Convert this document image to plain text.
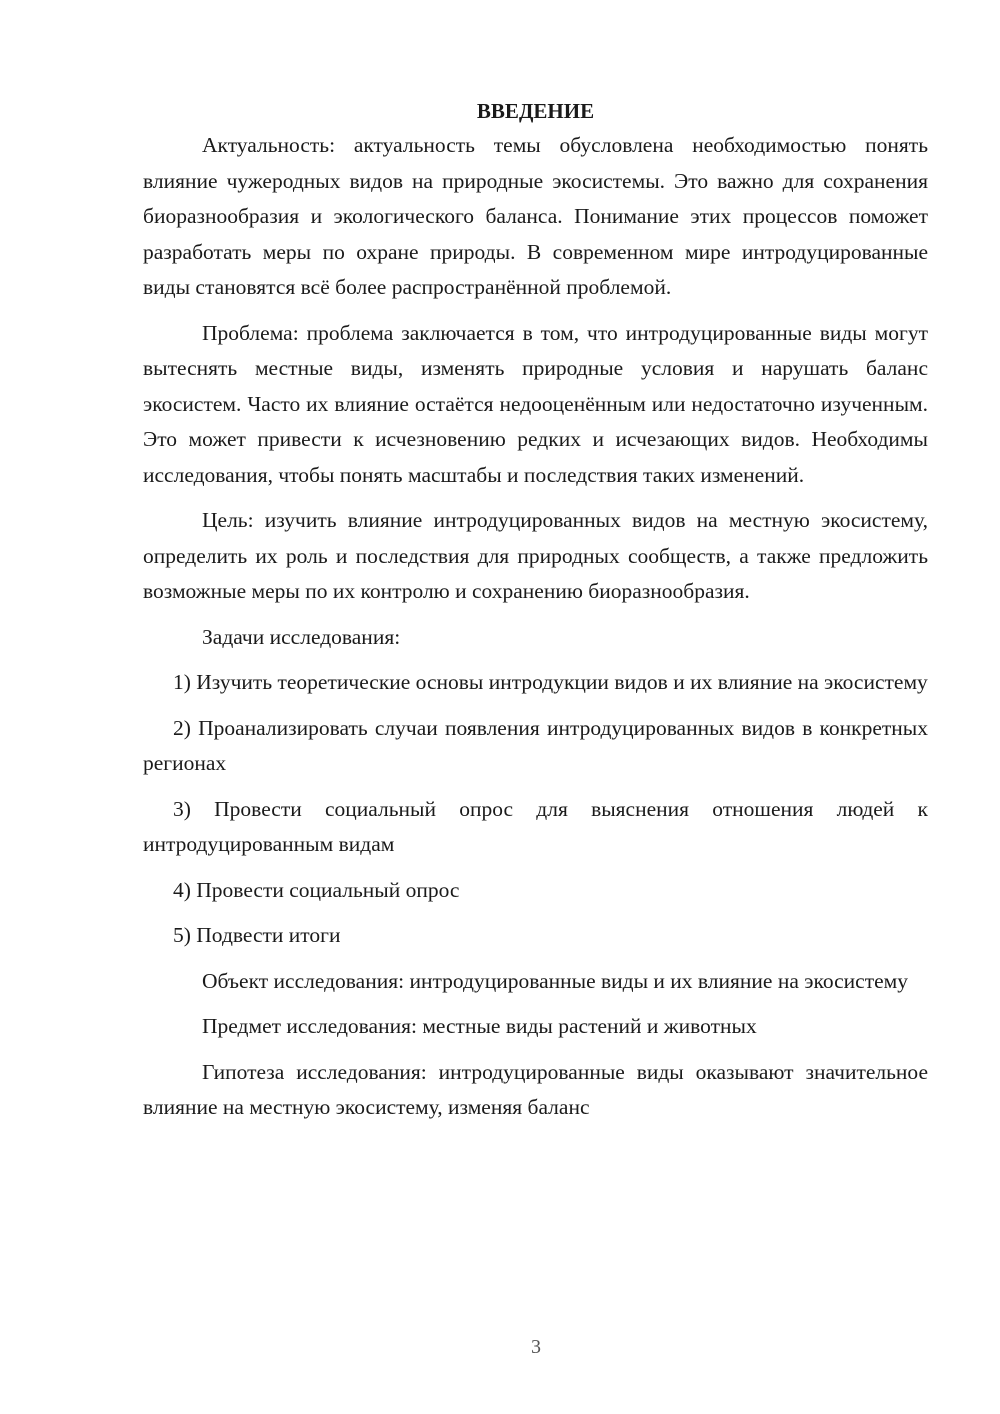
ВВЕДЕНИЕ

Актуальность: актуальность темы обусловлена необходимостью понять влияние чужеродных видов на природные экосистемы. Это важно для сохранения биоразнообразия и экологического баланса. Понимание этих процессов поможет разработать меры по охране природы. В современном мире интродуцированные виды становятся всё более распространённой проблемой.

Проблема: проблема заключается в том, что интродуцированные виды могут вытеснять местные виды, изменять природные условия и нарушать баланс экосистем. Часто их влияние остаётся недооценённым или недостаточно изученным. Это может привести к исчезновению редких и исчезающих видов. Необходимы исследования, чтобы понять масштабы и последствия таких изменений.

Цель: изучить влияние интродуцированных видов на местную экосистему, определить их роль и последствия для природных сообществ, а также предложить возможные меры по их контролю и сохранению биоразнообразия.

Задачи исследования:

1) Изучить теоретические основы интродукции видов и их влияние на экосистему

2) Проанализировать случаи появления интродуцированных видов в конкретных регионах

3) Провести социальный опрос для выяснения отношения людей к интродуцированным видам

4) Провести социальный опрос

5) Подвести итоги

Объект исследования: интродуцированные виды и их влияние на экосистему

Предмет исследования: местные виды растений и животных

Гипотеза исследования: интродуцированные виды оказывают значительное влияние на местную экосистему, изменяя баланс

3
